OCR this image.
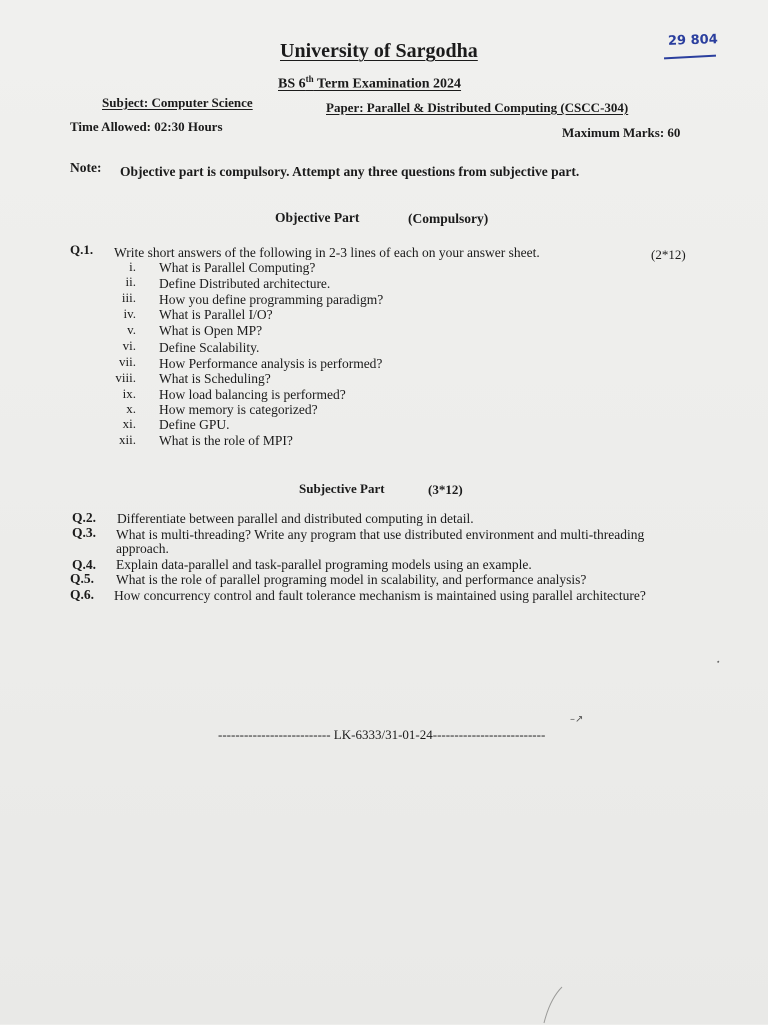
University of Sargodha	29 804
BS 6th Term Examination 2024
Subject: Computer Science	Paper: Parallel & Distributed Computing (CSCC-304)
Time Allowed: 02:30 Hours	Maximum Marks: 60
Note: Objective part is compulsory. Attempt any three questions from subjective part.
Objective Part	(Compulsory)
Q.1. Write short answers of the following in 2-3 lines of each on your answer sheet.	(2*12)
i. What is Parallel Computing?
ii. Define Distributed architecture.
iii. How you define programming paradigm?
iv. What is Parallel I/O?
v. What is Open MP?
vi. Define Scalability.
vii. How Performance analysis is performed?
viii. What is Scheduling?
ix. How load balancing is performed?
x. How memory is categorized?
xi. Define GPU.
xii. What is the role of MPI?
Subjective Part	(3*12)
Q.2. Differentiate between parallel and distributed computing in detail.
Q.3. What is multi-threading? Write any program that use distributed environment and multi-threading
approach.
Q.4. Explain data-parallel and task-parallel programing models using an example.
Q.5. What is the role of parallel programing model in scalability, and performance analysis?
Q.6. How concurrency control and fault tolerance mechanism is maintained using parallel architecture?
⋆
–↗
-------------------------- LK-6333/31-01-24--------------------------
